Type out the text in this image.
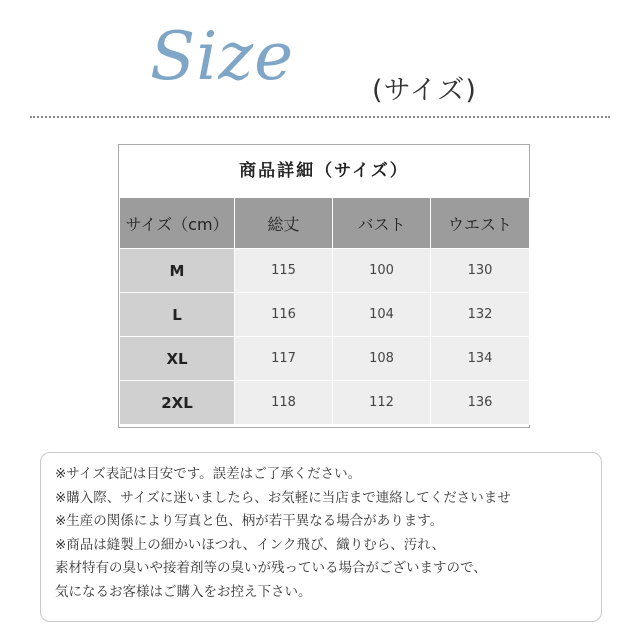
Size	(サイズ)
商品詳細（サイズ）
サイズ（cm）	総丈	バスト	ウエスト
M	115	100	130
L	116	104	132
XL	117	108	134
2XL	118	112	136
※サイズ表記は目安です。誤差はご了承ください。
※購入際、サイズに迷いましたら、お気軽に当店まで連絡してくださいませ
※生産の関係により写真と色、柄が若干異なる場合があります。
※商品は縫製上の細かいほつれ、インク飛び、織りむら、汚れ、
素材特有の臭いや接着剤等の臭いが残っている場合がございますので、
気になるお客様はご購入をお控え下さい。
